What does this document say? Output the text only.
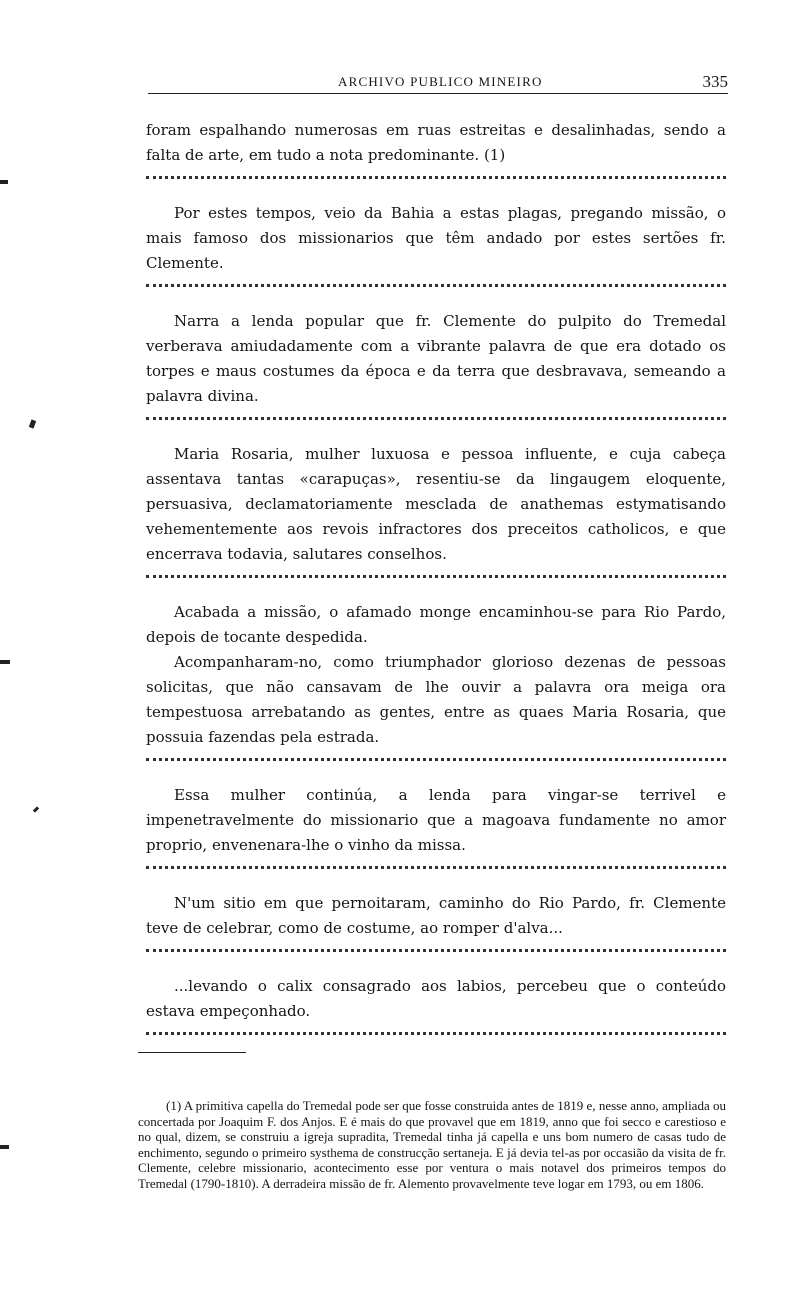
ARCHIVO PUBLICO MINEIRO	335

foram espalhando numerosas em ruas estreitas e desalinhadas, sendo a falta de arte, em tudo a nota predominante. (1)

Por estes tempos, veio da Bahia a estas plagas, pregando missão, o mais famoso dos missionarios que têm andado por estes sertões fr. Clemente.

Narra a lenda popular que fr. Clemente do pulpito do Tremedal verberava amiudadamente com a vibrante palavra de que era dotado os torpes e maus costumes da época e da terra que desbravava, semeando a palavra divina.

Maria Rosaria, mulher luxuosa e pessoa influente, e cuja cabeça assentava tantas «carapuças», resentiu-se da lingaugem eloquente, persuasiva, declamatoriamente mesclada de anathemas estymatisando vehementemente aos revois infractores dos preceitos catholicos, e que encerrava todavia, salutares conselhos.

Acabada a missão, o afamado monge encaminhou-se para Rio Pardo, depois de tocante despedida.

Acompanharam-no, como triumphador glorioso dezenas de pessoas solicitas, que não cansavam de lhe ouvir a palavra ora meiga ora tempestuosa arrebatando as gentes, entre as quaes Maria Rosaria, que possuia fazendas pela estrada.

Essa mulher continúa, a lenda para vingar-se terrivel e impenetravelmente do missionario que a magoava fundamente no amor proprio, envenenara-lhe o vinho da missa.

N'um sitio em que pernoitaram, caminho do Rio Pardo, fr. Clemente teve de celebrar, como de costume, ao romper d'alva...

...levando o calix consagrado aos labios, percebeu que o conteúdo estava empeçonhado.

(1) A primitiva capella do Tremedal pode ser que fosse construida antes de 1819 e, nesse anno, ampliada ou concertada por Joaquim F. dos Anjos. E é mais do que provavel que em 1819, anno que foi secco e carestioso e no qual, dizem, se construiu a igreja supradita, Tremedal tinha já capella e uns bom numero de casas tudo de enchimento, segundo o primeiro systhema de construcção sertaneja. E já devia tel-as por occasião da visita de fr. Clemente, celebre missionario, acontecimento esse por ventura o mais notavel dos primeiros tempos do Tremedal (1790-1810). A derradeira missão de fr. Alemento provavelmente teve logar em 1793, ou em 1806.
